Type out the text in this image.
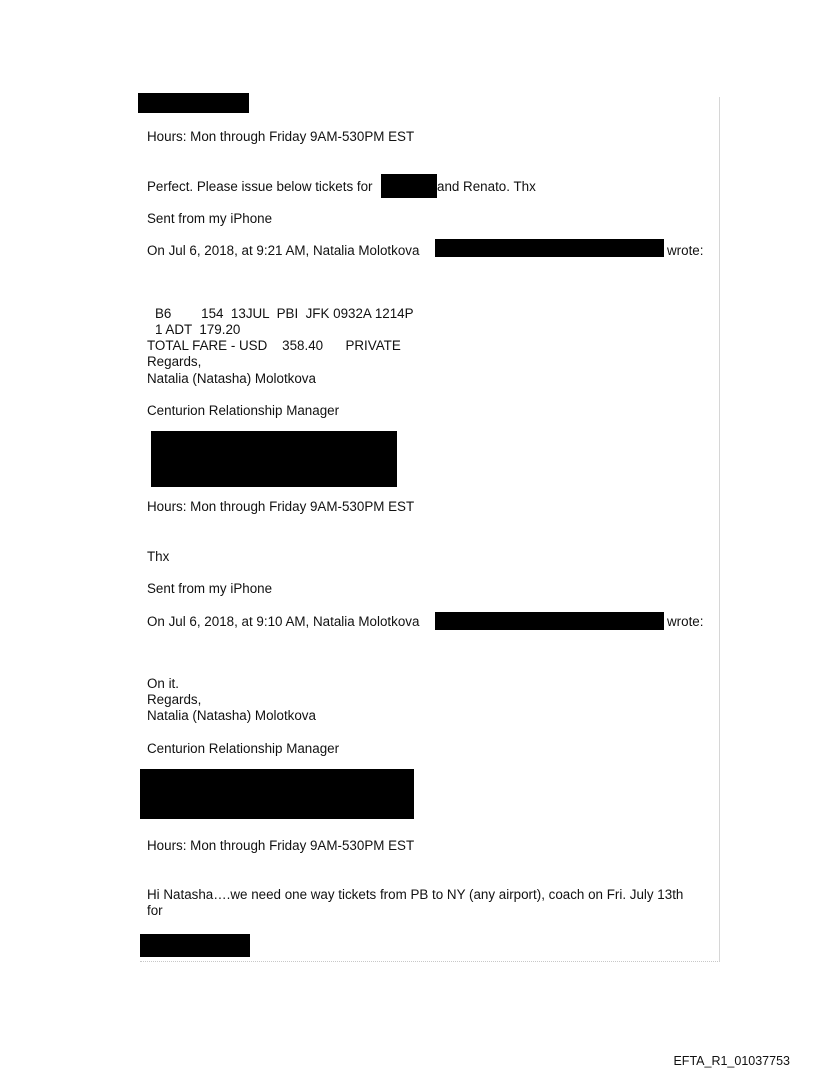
Hours: Mon through Friday 9AM-530PM EST
Perfect. Please issue below tickets for	and Renato. Thx
Sent from my iPhone
On Jul 6, 2018, at 9:21 AM, Natalia Molotkova	wrote:
B6        154  13JUL  PBI  JFK 0932A 1214P
1 ADT  179.20
TOTAL FARE - USD    358.40      PRIVATE
Regards,
Natalia (Natasha) Molotkova
Centurion Relationship Manager
Hours: Mon through Friday 9AM-530PM EST
Thx
Sent from my iPhone
On Jul 6, 2018, at 9:10 AM, Natalia Molotkova	wrote:
On it.
Regards,
Natalia (Natasha) Molotkova
Centurion Relationship Manager
Hours: Mon through Friday 9AM-530PM EST
Hi Natasha….we need one way tickets from PB to NY (any airport), coach on Fri. July 13th
for
EFTA_R1_01037753
